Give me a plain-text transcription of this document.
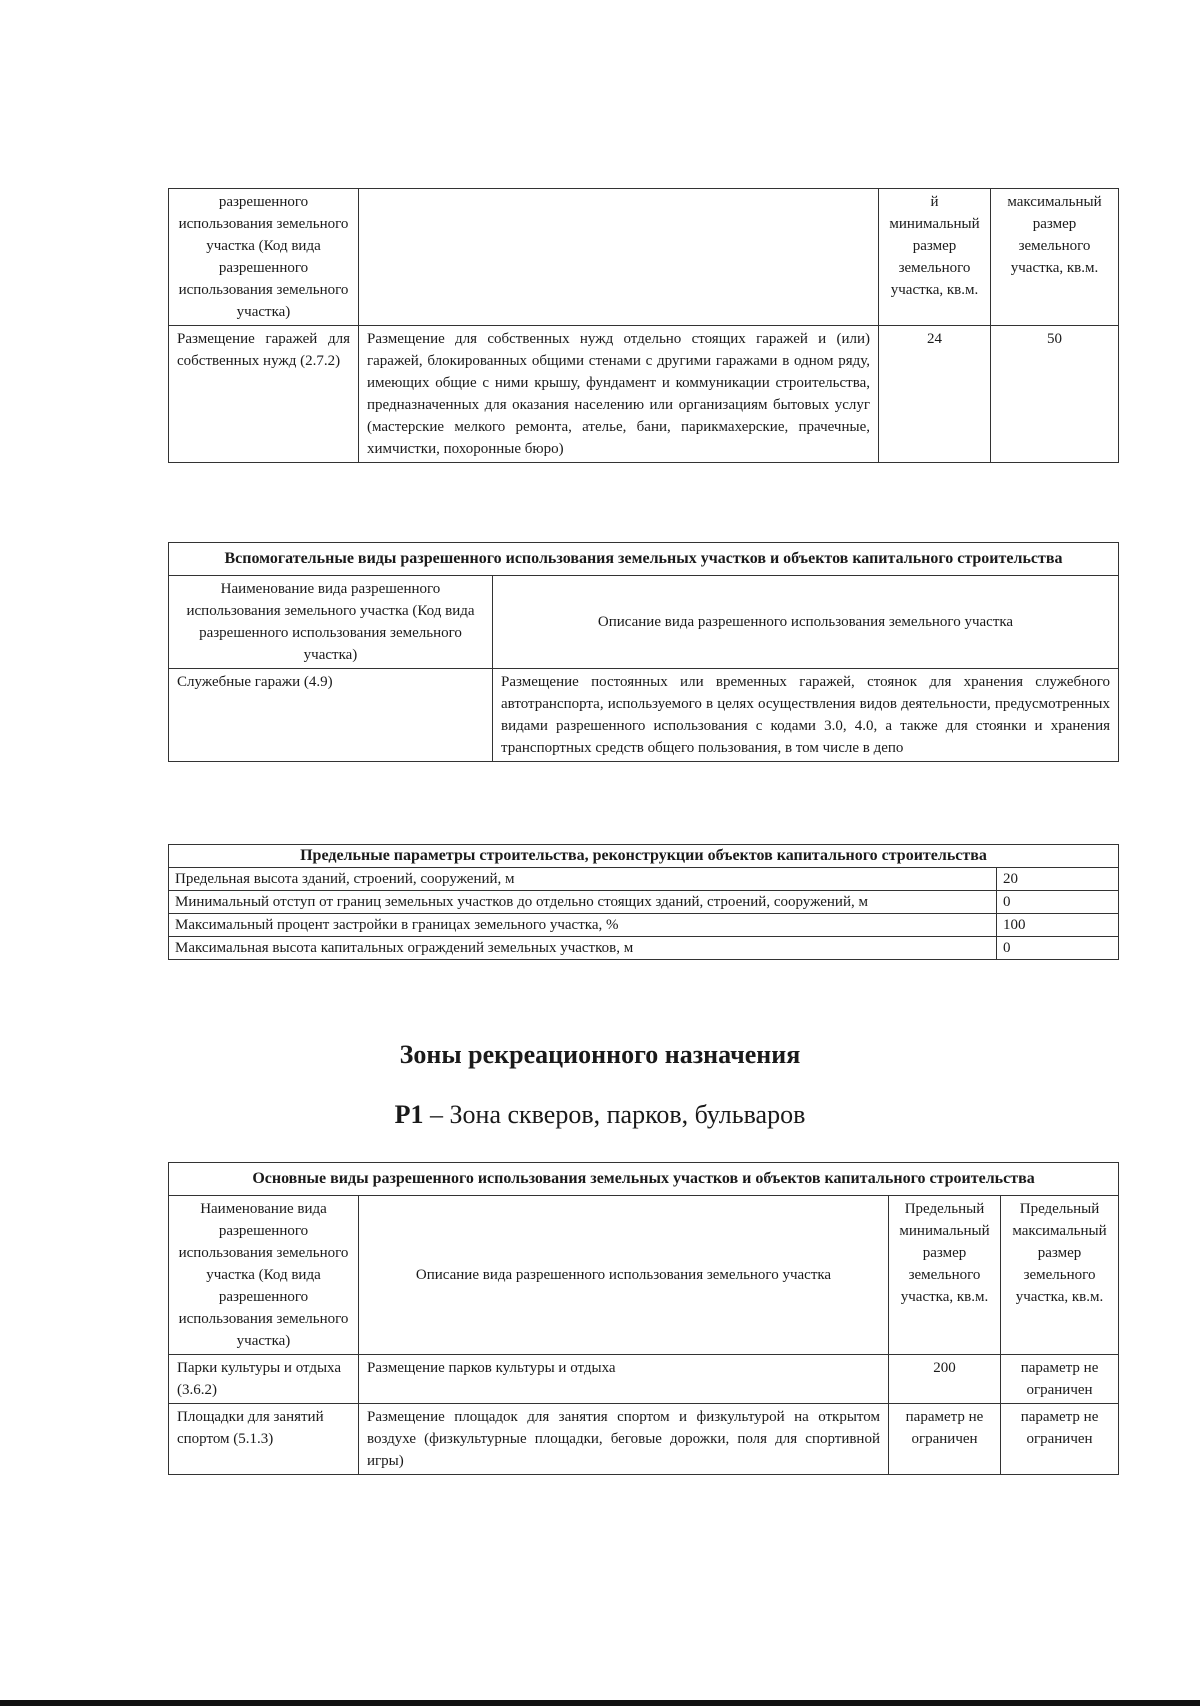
разрешенного использования земельного участка (Код вида разрешенного использования земельного участка)		й минимальный размер земельного участка, кв.м.	максимальный размер земельного участка, кв.м.
Размещение гаражей для собственных нужд (2.7.2)	Размещение для собственных нужд отдельно стоящих гаражей и (или) гаражей, блокированных общими стенами с другими гаражами в одном ряду, имеющих общие с ними крышу, фундамент и коммуникации строительства, предназначенных для оказания населению или организациям бытовых услуг (мастерские мелкого ремонта, ателье, бани, парикмахерские, прачечные, химчистки, похоронные бюро)	24	50
Вспомогательные виды разрешенного использования земельных участков и объектов капитального строительства	
Наименование вида разрешенного использования земельного участка (Код вида разрешенного использования земельного участка)	Описание вида разрешенного использования земельного участка
Служебные гаражи (4.9)	Размещение постоянных или временных гаражей, стоянок для хранения служебного автотранспорта, используемого в целях осуществления видов деятельности, предусмотренных видами разрешенного использования с кодами 3.0, 4.0, а также для стоянки и хранения транспортных средств общего пользования, в том числе в депо
Предельные параметры строительства, реконструкции объектов капитального строительства	
Предельная высота зданий, строений, сооружений, м	20
Минимальный отступ от границ земельных участков до отдельно стоящих зданий, строений, сооружений, м	0
Максимальный процент застройки в границах земельного участка, %	100
Максимальная высота капитальных ограждений земельных участков, м	0
Зоны рекреационного назначения
Р1 – Зона скверов, парков, бульваров
Основные виды разрешенного использования земельных участков и объектов капитального строительства			
Наименование вида разрешенного использования земельного участка (Код вида разрешенного использования земельного участка)	Описание вида разрешенного использования земельного участка	Предельный минимальный размер земельного участка, кв.м.	Предельный максимальный размер земельного участка, кв.м.
Парки культуры и отдыха (3.6.2)	Размещение парков культуры и отдыха	200	параметр не ограничен
Площадки для занятий спортом (5.1.3)	Размещение площадок для занятия спортом и физкультурой на открытом воздухе (физкультурные площадки, беговые дорожки, поля для спортивной игры)	параметр не ограничен	параметр не ограничен
